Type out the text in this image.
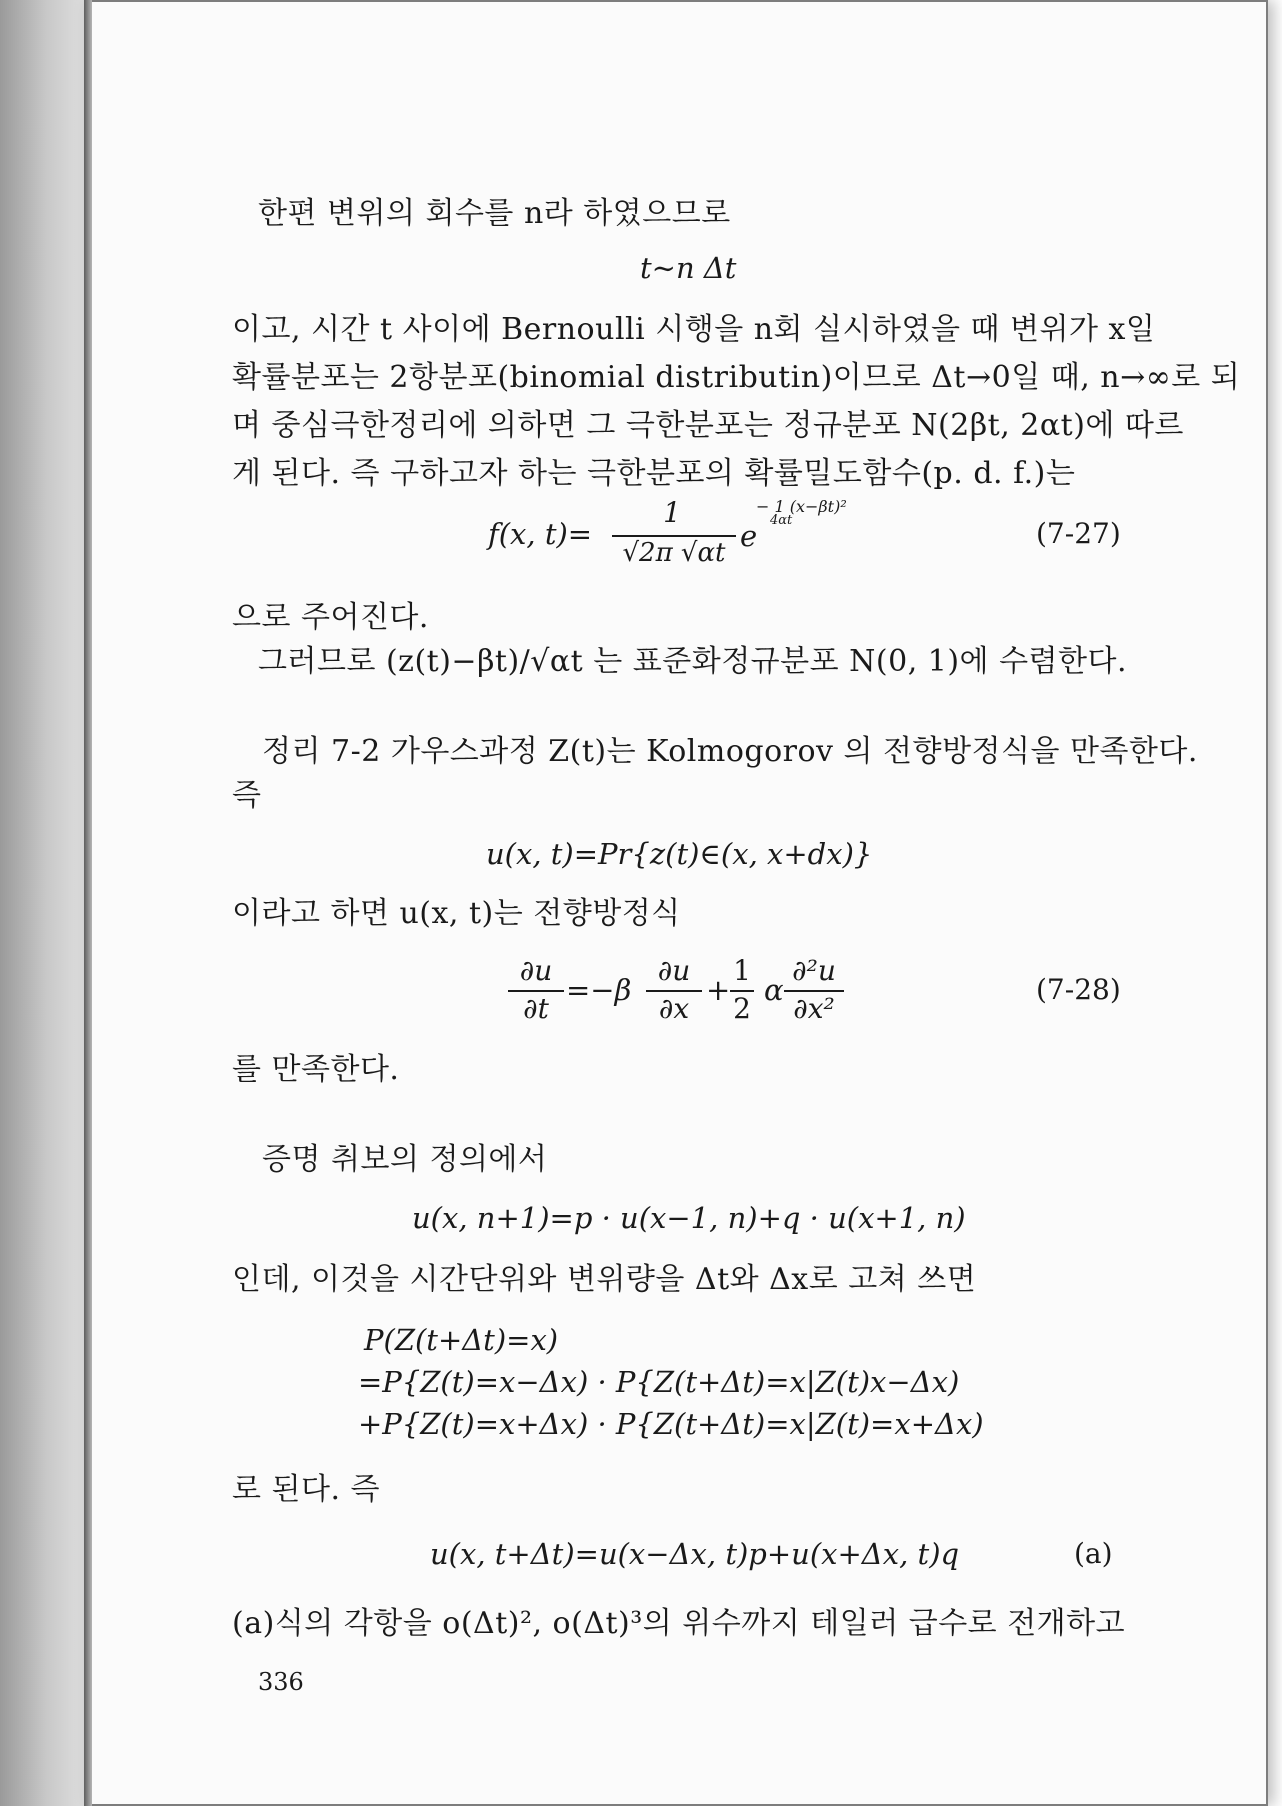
한편 변위의 회수를 n라 하였으므로
t∼n Δt
이고, 시간 t 사이에 Bernoulli 시행을 n회 실시하였을 때 변위가 x일
확률분포는 2항분포(binomial distributin)이므로 Δt→0일 때, n→∞로 되
며 중심극한정리에 의하면 그 극한분포는 정규분포 N(2βt, 2αt)에 따르
게 된다. 즉 구하고자 하는 극한분포의 확률밀도함수(p. d. f.)는
f(x, t)=
1
√2π √αt e
− 1 (x−βt)²
4αt	(7-27)
으로 주어진다.
그러므로 (z(t)−βt)/√αt 는 표준화정규분포 N(0, 1)에 수렴한다.
정리 7-2 가우스과정 Z(t)는 Kolmogorov 의 전향방정식을 만족한다.
즉
u(x, t)=Pr{z(t)∈(x, x+dx)}
이라고 하면 u(x, t)는 전향방정식
∂u
∂t
=−β
∂u
∂x
+
1
2
α
∂²u
∂x²
(7-28)
를 만족한다.
증명 취보의 정의에서
u(x, n+1)=p · u(x−1, n)+q · u(x+1, n)
인데, 이것을 시간단위와 변위량을 Δt와 Δx로 고쳐 쓰면
P(Z(t+Δt)=x)
=P{Z(t)=x−Δx) · P{Z(t+Δt)=x|Z(t)x−Δx)
+P{Z(t)=x+Δx) · P{Z(t+Δt)=x|Z(t)=x+Δx)
로 된다. 즉
u(x, t+Δt)=u(x−Δx, t)p+u(x+Δx, t)q	(a)
(a)식의 각항을 o(Δt)², o(Δt)³의 위수까지 테일러 급수로 전개하고
336
